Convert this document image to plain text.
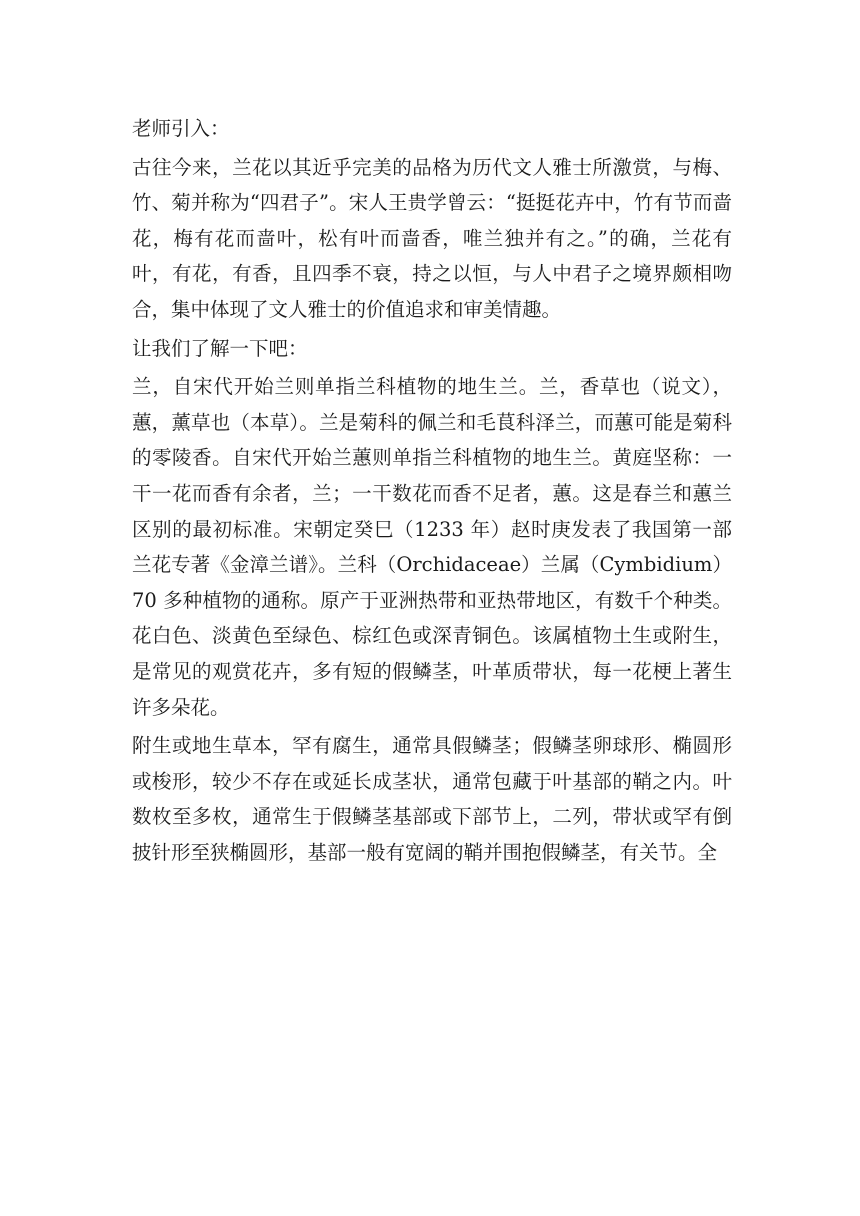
老师引入：

古往今来，兰花以其近乎完美的品格为历代文人雅士所激赏，与梅、竹、菊并称为“四君子”。宋人王贵学曾云：“挺挺花卉中，竹有节而啬花，梅有花而啬叶，松有叶而啬香，唯兰独并有之。”的确，兰花有叶，有花，有香，且四季不衰，持之以恒，与人中君子之境界颇相吻合，集中体现了文人雅士的价值追求和审美情趣。

让我们了解一下吧：

兰，自宋代开始兰则单指兰科植物的地生兰。兰，香草也（说文），蕙，薰草也（本草）。兰是菊科的佩兰和毛茛科泽兰，而蕙可能是菊科的零陵香。自宋代开始兰蕙则单指兰科植物的地生兰。黄庭坚称：一干一花而香有余者，兰；一干数花而香不足者，蕙。这是春兰和蕙兰区别的最初标准。宋朝定癸巳（1233 年）赵时庚发表了我国第一部兰花专著《金漳兰谱》。兰科（Orchidaceae）兰属（Cymbidium）70 多种植物的通称。原产于亚洲热带和亚热带地区，有数千个种类。花白色、淡黄色至绿色、棕红色或深青铜色。该属植物土生或附生，是常见的观赏花卉，多有短的假鳞茎，叶革质带状，每一花梗上著生许多朵花。

附生或地生草本，罕有腐生，通常具假鳞茎；假鳞茎卵球形、椭圆形或梭形，较少不存在或延长成茎状，通常包藏于叶基部的鞘之内。叶数枚至多枚，通常生于假鳞茎基部或下部节上，二列，带状或罕有倒披针形至狭椭圆形，基部一般有宽阔的鞘并围抱假鳞茎，有关节。全
